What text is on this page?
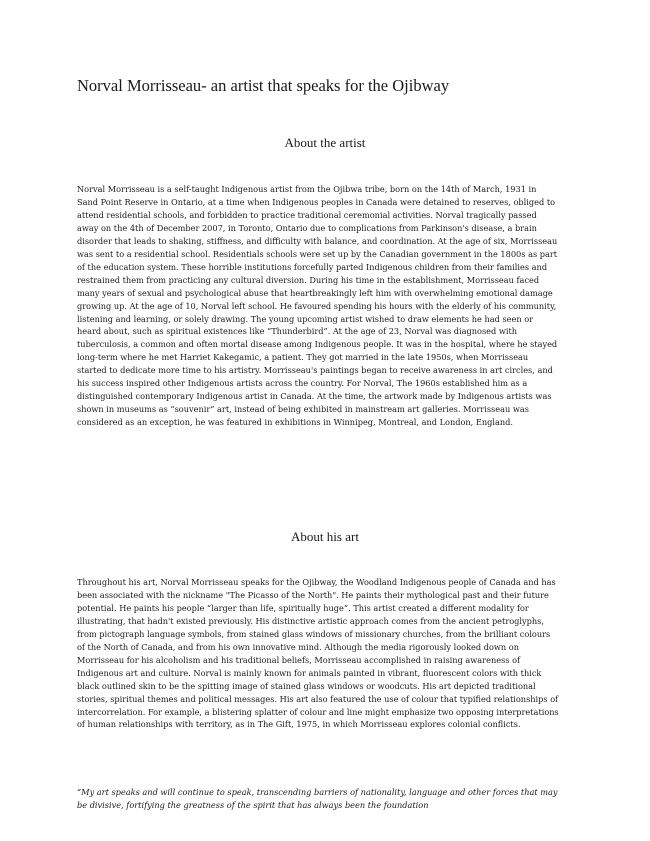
Norval Morrisseau- an artist that speaks for the Ojibway
About the artist

Norval Morrisseau is a self-taught Indigenous artist from the Ojibwa tribe, born on the 14th of March, 1931 in Sand Point Reserve in Ontario, at a time when Indigenous peoples in Canada were detained to reserves, obliged to attend residential schools, and forbidden to practice traditional ceremonial activities. Norval tragically passed away on the 4th of December 2007, in Toronto, Ontario due to complications from Parkinson's disease, a brain disorder that leads to shaking, stiffness, and difficulty with balance, and coordination. At the age of six, Morrisseau was sent to a residential school. Residentials schools were set up by the Canadian government in the 1800s as part of the education system. These horrible institutions forcefully parted Indigenous children from their families and restrained them from practicing any cultural diversion. During his time in the establishment, Morrisseau faced many years of sexual and psychological abuse that heartbreakingly left him with overwhelming emotional damage growing up. At the age of 10, Norval left school. He favoured spending his hours with the elderly of his community, listening and learning, or solely drawing. The young upcoming artist wished to draw elements he had seen or heard about, such as spiritual existences like “Thunderbird”. At the age of 23, Norval was diagnosed with tuberculosis, a common and often mortal disease among Indigenous people. It was in the hospital, where he stayed long-term where he met Harriet Kakegamic, a patient. They got married in the late 1950s, when Morrisseau started to dedicate more time to his artistry. Morrisseau's paintings began to receive awareness in art circles, and his success inspired other Indigenous artists across the country. For Norval, The 1960s established him as a distinguished contemporary Indigenous artist in Canada. At the time, the artwork made by Indigenous artists was shown in museums as “souvenir” art, instead of being exhibited in mainstream art galleries. Morrisseau was considered as an exception, he was featured in exhibitions in Winnipeg, Montreal, and London, England.

About his art

Throughout his art, Norval Morrisseau speaks for the Ojibway, the Woodland Indigenous people of Canada and has been associated with the nickname "The Picasso of the North". He paints their mythological past and their future potential. He paints his people “larger than life, spiritually huge”. This artist created a different modality for illustrating, that hadn't existed previously. His distinctive artistic approach comes from the ancient petroglyphs, from pictograph language symbols, from stained glass windows of missionary churches, from the brilliant colours of the North of Canada, and from his own innovative mind. Although the media rigorously looked down on Morrisseau for his alcoholism and his traditional beliefs, Morrisseau accomplished in raising awareness of Indigenous art and culture. Norval is mainly known for animals painted in vibrant, fluorescent colors with thick black outlined skin to be the spitting image of stained glass windows or woodcuts. His art depicted traditional stories, spiritual themes and political messages. His art also featured the use of colour that typified relationships of intercorrelation. For example, a blistering splatter of colour and line might emphasize two opposing interpretations of human relationships with territory, as in The Gift, 1975, in which Morrisseau explores colonial conflicts.

“My art speaks and will continue to speak, transcending barriers of nationality, language and other forces that may be divisive, fortifying the greatness of the spirit that has always been the foundation
